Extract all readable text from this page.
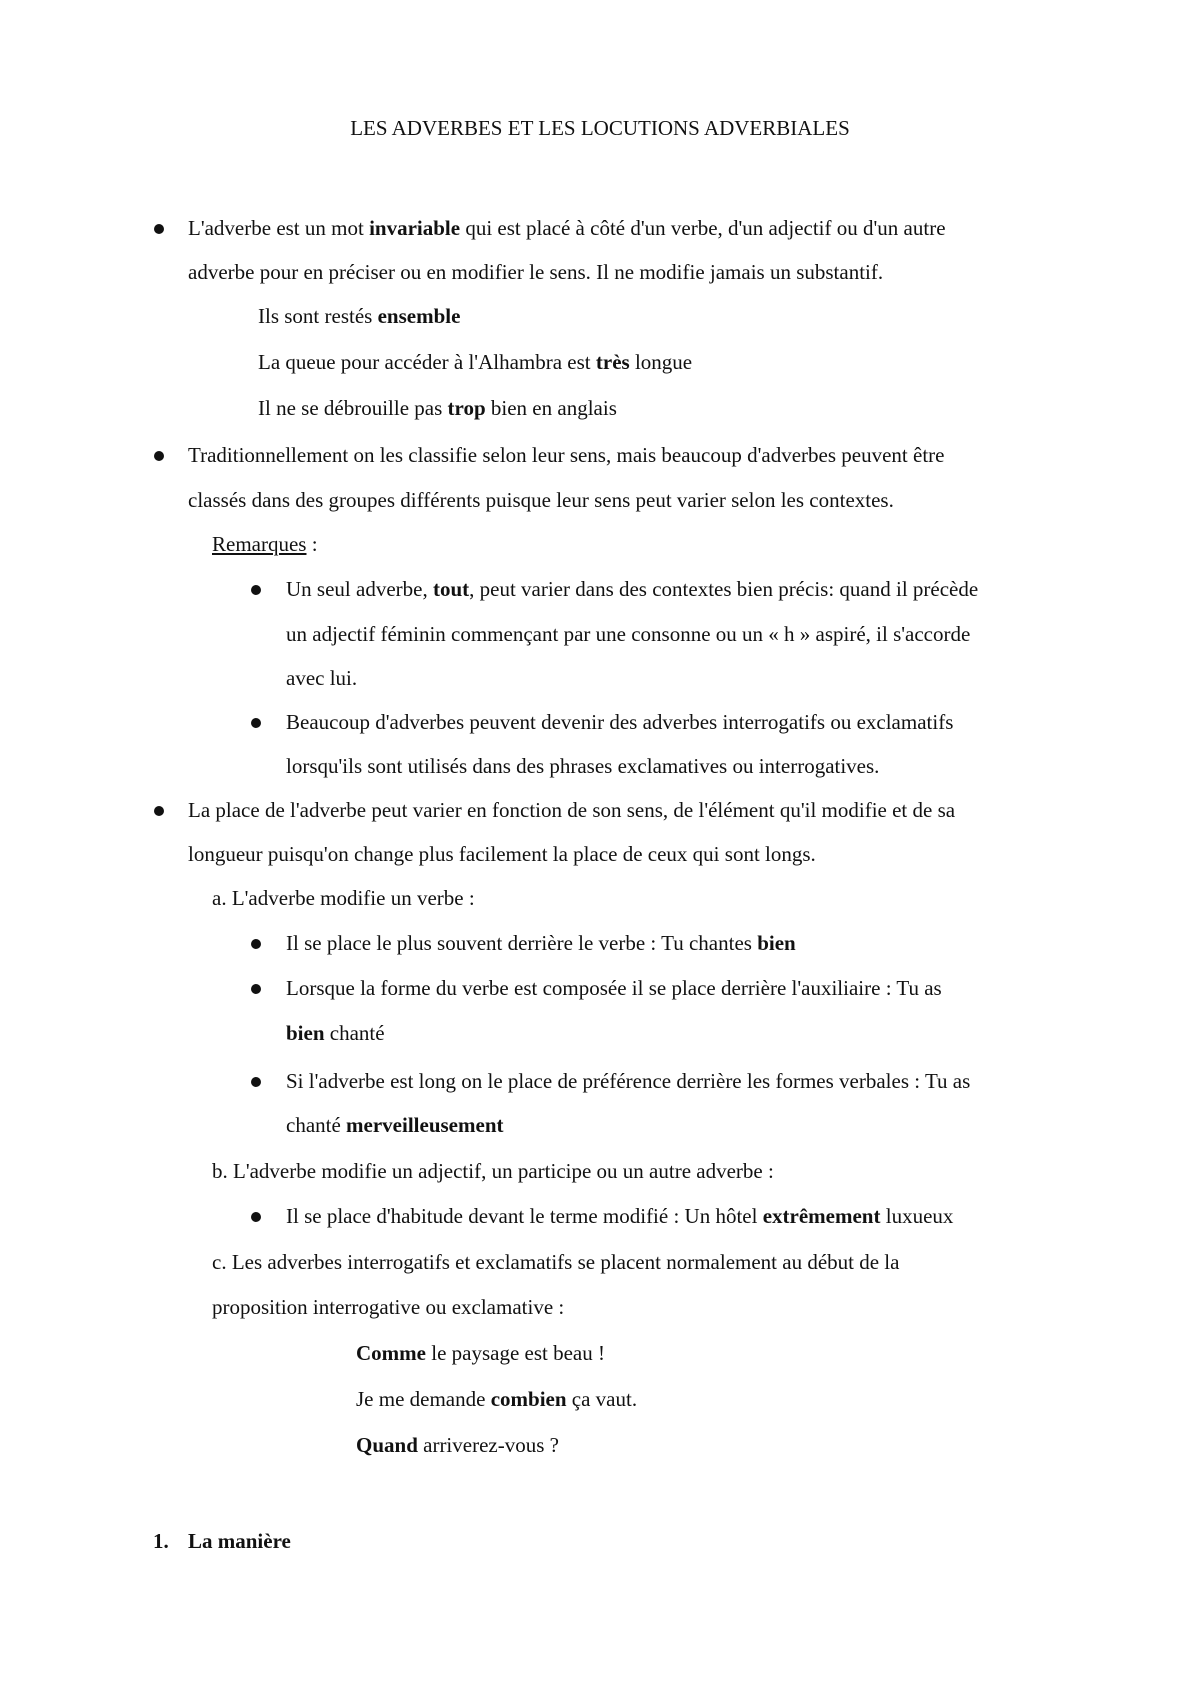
LES ADVERBES ET LES LOCUTIONS ADVERBIALES
L'adverbe est un mot invariable qui est placé à côté d'un verbe, d'un adjectif ou d'un autre
adverbe pour en préciser ou en modifier le sens. Il ne modifie jamais un substantif.
Ils sont restés ensemble
La queue pour accéder à l'Alhambra est très longue
Il ne se débrouille pas trop bien en anglais
Traditionnellement on les classifie selon leur sens, mais beaucoup d'adverbes peuvent être
classés dans des groupes différents puisque leur sens peut varier selon les contextes.
Remarques :
Un seul adverbe, tout, peut varier dans des contextes bien précis: quand il précède
un adjectif féminin commençant par une consonne ou un « h » aspiré, il s'accorde
avec lui.
Beaucoup d'adverbes peuvent devenir des adverbes interrogatifs ou exclamatifs
lorsqu'ils sont utilisés dans des phrases exclamatives ou interrogatives.
La place de l'adverbe peut varier en fonction de son sens, de l'élément qu'il modifie et de sa
longueur puisqu'on change plus facilement la place de ceux qui sont longs.
a. L'adverbe modifie un verbe :
Il se place le plus souvent derrière le verbe : Tu chantes bien
Lorsque la forme du verbe est composée il se place derrière l'auxiliaire : Tu as
bien chanté
Si l'adverbe est long on le place de préférence derrière les formes verbales : Tu as
chanté merveilleusement
b. L'adverbe modifie un adjectif, un participe ou un autre adverbe :
Il se place d'habitude devant le terme modifié : Un hôtel extrêmement luxueux
c. Les adverbes interrogatifs et exclamatifs se placent normalement au début de la
proposition interrogative ou exclamative :
Comme le paysage est beau !
Je me demande combien ça vaut.
Quand arriverez-vous ?
1. La manière
